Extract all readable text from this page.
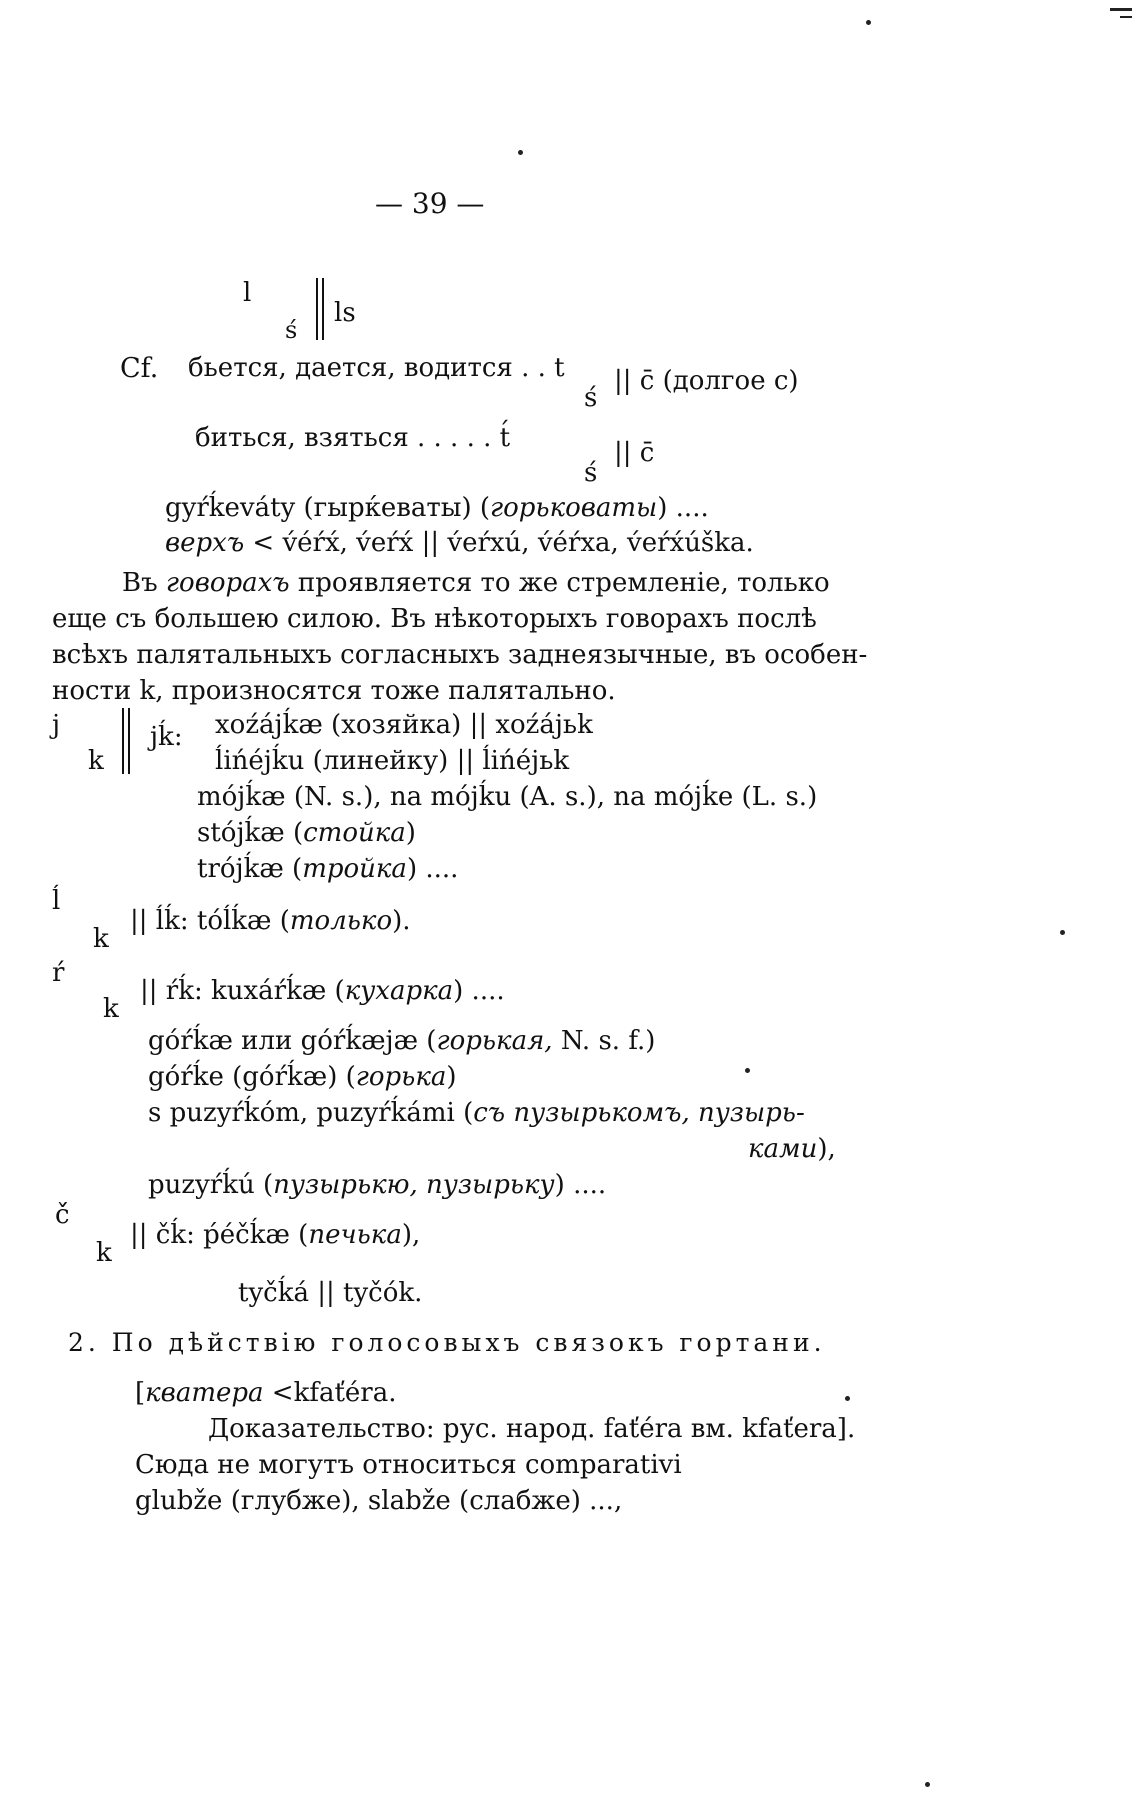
— 39 —
l
ś
ls
Cf. бьется, дается, водится . . t
ś
|| c̄ (долгое c)
биться, взяться . . . . . t́
ś
|| c̄
gyŕḱeváty (гырќеваты) (горьковаты) ....
верхъ < v́éŕx́, v́eŕx́ || v́eŕxú, v́éŕxa, v́eŕx́úška.
Въ говорахъ проявляется то же стремленіе, только
еще съ большею силою. Въ нѣкоторыхъ говорахъ послѣ
всѣхъ палятальныхъ согласныхъ заднеязычные, въ особен-
ности k, произносятся тоже палятально.
j
k
jḱ: xoźájḱæ (хозяйка) || xoźájьk
ĺińéjḱu (линейку) || ĺińéjьk
mójḱæ (N. s.), na mójḱu (A. s.), na mójḱe (L. s.)
stójḱæ (стойка)
trójḱæ (тройка) ....
ĺ
k
|| ĺḱ: tóĺḱæ (только).
ŕ
k
|| ŕḱ: kuxáŕḱæ (кухарка) ....
góŕḱæ или góŕḱæjæ (горькая, N. s. f.)
góŕḱe (góŕḱæ) (горька)
s puzyŕḱóm, puzyŕḱámi (съ пузырькомъ, пузырь-
ками),
puzyŕḱú (пузырькю, пузырьку) ....
č́
k
|| čḱ: ṕéčḱæ (печька),
tyčḱá || tyčók.
2. По дѣйствію голосовыхъ связокъ гортани.
[кватера <kfaťéra.
Доказательство: рус. народ. faťéra вм. kfaťera].
Сюда не могутъ относиться comparativi
glubže (глубже), slabže (слабже) ...,
